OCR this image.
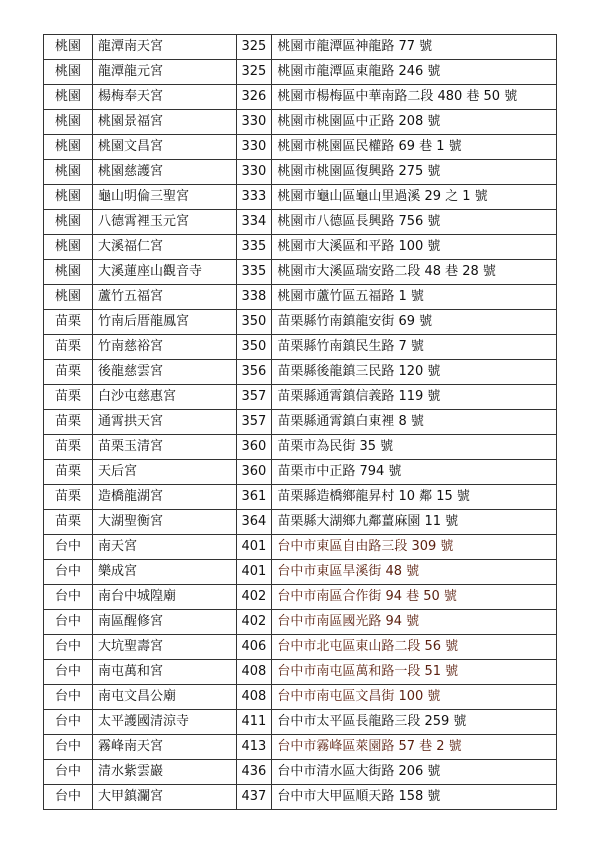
桃園	龍潭南天宮	325	桃園市龍潭區神龍路 77 號
桃園	龍潭龍元宮	325	桃園市龍潭區東龍路 246 號
桃園	楊梅奉天宮	326	桃園市楊梅區中華南路二段 480 巷 50 號
桃園	桃園景福宮	330	桃園市桃園區中正路 208 號
桃園	桃園文昌宮	330	桃園市桃園區民權路 69 巷 1 號
桃園	桃園慈護宮	330	桃園市桃園區復興路 275 號
桃園	龜山明倫三聖宮	333	桃園市龜山區龜山里過溪 29 之 1 號
桃園	八德霄裡玉元宮	334	桃園市八德區長興路 756 號
桃園	大溪福仁宮	335	桃園市大溪區和平路 100 號
桃園	大溪蓮座山觀音寺	335	桃園市大溪區瑞安路二段 48 巷 28 號
桃園	蘆竹五福宮	338	桃園市蘆竹區五福路 1 號
苗栗	竹南后厝龍鳳宮	350	苗栗縣竹南鎮龍安街 69 號
苗栗	竹南慈裕宮	350	苗栗縣竹南鎮民生路 7 號
苗栗	後龍慈雲宮	356	苗栗縣後龍鎮三民路 120 號
苗栗	白沙屯慈惠宮	357	苗栗縣通霄鎮信義路 119 號
苗栗	通霄拱天宮	357	苗栗縣通霄鎮白東裡 8 號
苗栗	苗栗玉清宮	360	苗栗市為民街 35 號
苗栗	天后宮	360	苗栗市中正路 794 號
苗栗	造橋龍湖宮	361	苗栗縣造橋鄉龍昇村 10 鄰 15 號
苗栗	大湖聖衡宮	364	苗栗縣大湖鄉九鄰薑麻園 11 號
台中	南天宮	401	台中市東區自由路三段 309 號
台中	樂成宮	401	台中市東區旱溪街 48 號
台中	南台中城隍廟	402	台中市南區合作街 94 巷 50 號
台中	南區醒修宮	402	台中市南區國光路 94 號
台中	大坑聖壽宮	406	台中市北屯區東山路二段 56 號
台中	南屯萬和宮	408	台中市南屯區萬和路一段 51 號
台中	南屯文昌公廟	408	台中市南屯區文昌街 100 號
台中	太平護國清涼寺	411	台中市太平區長龍路三段 259 號
台中	霧峰南天宮	413	台中市霧峰區萊園路 57 巷 2 號
台中	清水紫雲巖	436	台中市清水區大街路 206 號
台中	大甲鎮瀾宮	437	台中市大甲區順天路 158 號
